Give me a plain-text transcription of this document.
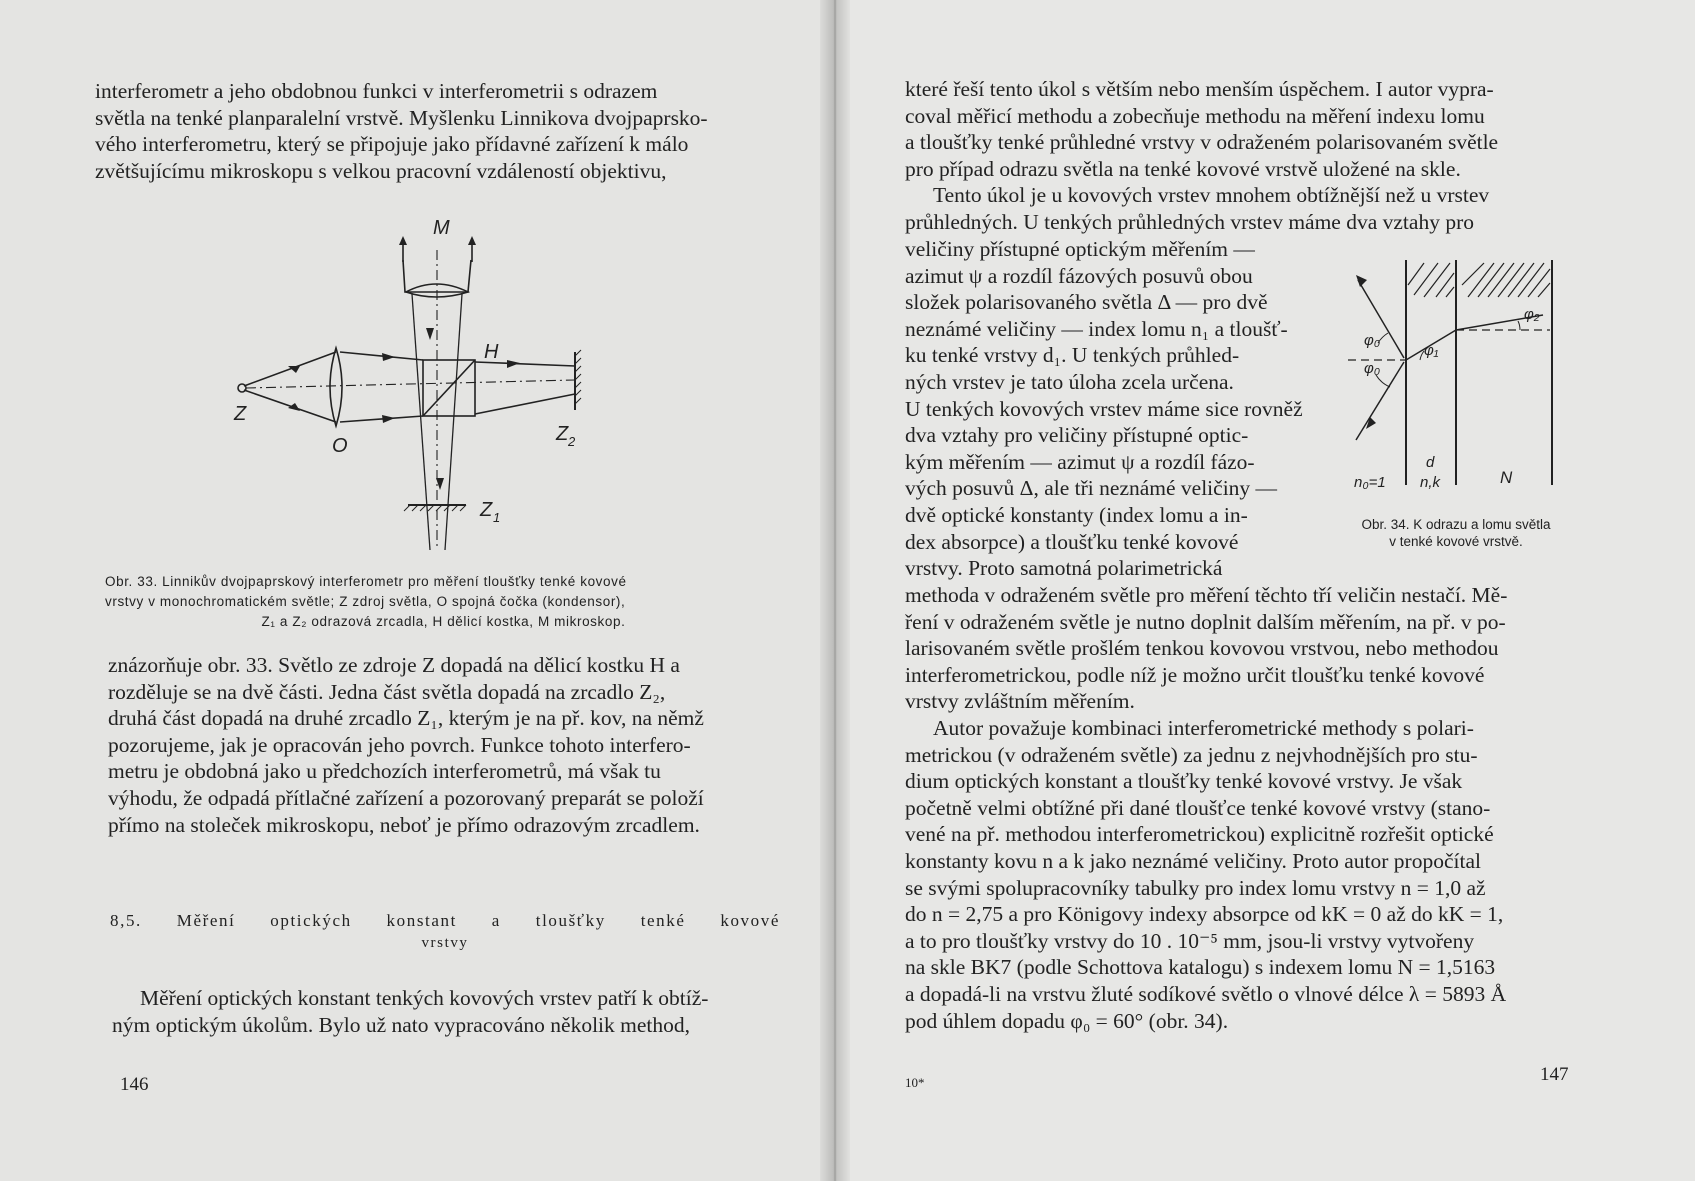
interferometr a jeho obdobnou funkci v interferometrii s odrazem

světla na tenké planparalelní vrstvě. Myšlenku Linnikova dvojpaprsko-

vého interferometru, který se připojuje jako přídavné zařízení k málo

zvětšujícímu mikroskopu s velkou pracovní vzdáleností objektivu,

M
H
Z
O
Z 2
Z 1
Obr. 33. Linnikův dvojpaprskový interferometr pro měření tloušťky tenké kovové
vrstvy v monochromatickém světle; Z zdroj světla, O spojná čočka (kondensor),
Z₁ a Z₂ odrazová zrcadla, H dělicí kostka, M mikroskop.

znázorňuje obr. 33. Světlo ze zdroje Z dopadá na dělicí kostku H a

rozděluje se na dvě části. Jedna část světla dopadá na zrcadlo Z₂,

druhá část dopadá na druhé zrcadlo Z₁, kterým je na př. kov, na němž

pozorujeme, jak je opracován jeho povrch. Funkce tohoto interfero-

metru je obdobná jako u předchozích interferometrů, má však tu

výhodu, že odpadá přítlačné zařízení a pozorovaný preparát se položí

přímo na stoleček mikroskopu, neboť je přímo odrazovým zrcadlem.

8,5. Měření optických konstant a tloušťky tenké kovové
vrstvy

Měření optických konstant tenkých kovových vrstev patří k obtíž-

ným optickým úkolům. Bylo už nato vypracováno několik method,

146

které řeší tento úkol s větším nebo menším úspěchem. I autor vypra-

coval měřicí methodu a zobecňuje methodu na měření indexu lomu

a tloušťky tenké průhledné vrstvy v odraženém polarisovaném světle

pro případ odrazu světla na tenké kovové vrstvě uložené na skle.

Tento úkol je u kovových vrstev mnohem obtížnější než u vrstev

průhledných. U tenkých průhledných vrstev máme dva vztahy pro

veličiny přístupné optickým měřením —

azimut ψ a rozdíl fázových posuvů obou

složek polarisovaného světla Δ — pro dvě

neznámé veličiny — index lomu n₁ a tloušť-

ku tenké vrstvy d₁. U tenkých průhled-

ných vrstev je tato úloha zcela určena.

U tenkých kovových vrstev máme sice rovněž

dva vztahy pro veličiny přístupné optic-

kým měřením — azimut ψ a rozdíl fázo-

vých posuvů Δ, ale tři neznámé veličiny —

dvě optické konstanty (index lomu a in-

dex absorpce) a tloušťku tenké kovové

vrstvy. Proto samotná polarimetrická

methoda v odraženém světle pro měření těchto tří veličin nestačí. Mě-

ření v odraženém světle je nutno doplnit dalším měřením, na př. v po-

larisovaném světle prošlém tenkou kovovou vrstvou, nebo methodou

interferometrickou, podle níž je možno určit tloušťku tenké kovové

vrstvy zvláštním měřením.

Autor považuje kombinaci interferometrické methody s polari-

metrickou (v odraženém světle) za jednu z nejvhodnějších pro stu-

dium optických konstant a tloušťky tenké kovové vrstvy. Je však

početně velmi obtížné při dané tloušťce tenké kovové vrstvy (stano-

vené na př. methodou interferometrickou) explicitně rozřešit optické

konstanty kovu n a k jako neznámé veličiny. Proto autor propočítal

se svými spolupracovníky tabulky pro index lomu vrstvy n = 1,0 až

do n = 2,75 a pro Königovy indexy absorpce od kK = 0 až do kK = 1,

a to pro tloušťky vrstvy do 10 . 10⁻⁵ mm, jsou-li vrstvy vytvořeny

na skle BK7 (podle Schottova katalogu) s indexem lomu N = 1,5163

a dopadá-li na vrstvu žluté sodíkové světlo o vlnové délce λ = 5893 Å

pod úhlem dopadu φ₀ = 60° (obr. 34).

φ₀
φ₀
φ₁
φ₂
n₀=1
d
n,k	N
Obr. 34. K odrazu a lomu světla
v tenké kovové vrstvě.
10*	147
